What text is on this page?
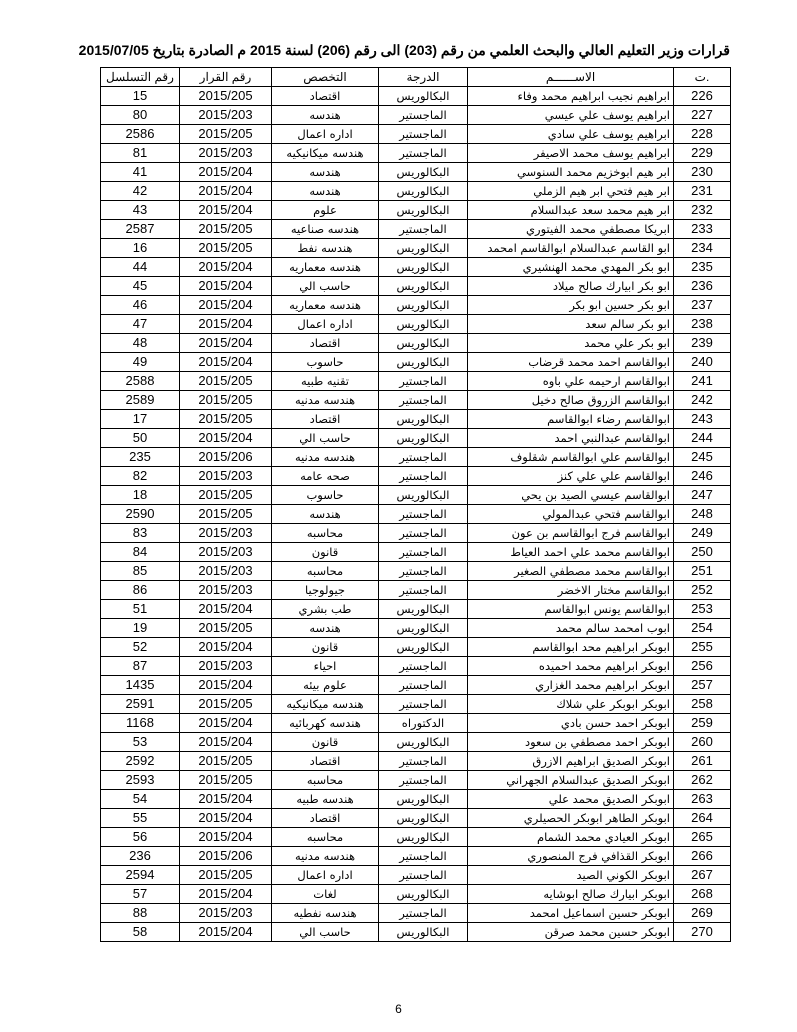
قرارات وزير التعليم العالي والبحث العلمي من رقم (203) الى رقم (206) لسنة 2015 م الصادرة بتاريخ 2015/07/05
رقم التسلسل	رقم القرار	التخصص	الدرجة	الاســــــم	ت.
15	2015/205	اقتصاد	البكالوريس	ابراهيم نجيب ابراهيم محمد وفاء	226
80	2015/203	هندسه	الماجستير	ابراهيم يوسف علي عيسي	227
2586	2015/205	اداره اعمال	الماجستير	ابراهيم يوسف علي سادي	228
81	2015/203	هندسه ميكانيكيه	الماجستير	ابراهيم يوسف محمد الاصيفر	229
41	2015/204	هندسه	البكالوريس	ابر هيم ابوخزيم محمد السنوسي	230
42	2015/204	هندسه	البكالوريس	ابر هيم فتحي ابر هيم الزملي	231
43	2015/204	علوم	البكالوريس	ابر هيم محمد سعد عبدالسلام	232
2587	2015/205	هندسه صناعيه	الماجستير	ابريكا مصطفي محمد الفيتوري	233
16	2015/205	هندسه نفط	البكالوريس	ابو القاسم عبدالسلام ابوالقاسم امحمد	234
44	2015/204	هندسه معماريه	البكالوريس	ابو بكر المهدي محمد الهنشيري	235
45	2015/204	حاسب الي	البكالوريس	ابو بكر ابيارك صالح ميلاد	236
46	2015/204	هندسه معماريه	البكالوريس	ابو بكر حسين ابو بكر	237
47	2015/204	اداره اعمال	البكالوريس	ابو بكر سالم سعد	238
48	2015/204	اقتصاد	البكالوريس	ابو بكر علي محمد	239
49	2015/204	حاسوب	البكالوريس	ابوالقاسم احمد محمد قرضاب	240
2588	2015/205	تقنيه طبيه	الماجستير	ابوالقاسم ارحيمه علي باوه	241
2589	2015/205	هندسه مدنيه	الماجستير	ابوالقاسم الزروق صالح دخيل	242
17	2015/205	اقتصاد	البكالوريس	ابوالقاسم رضاء ابوالقاسم	243
50	2015/204	حاسب الي	البكالوريس	ابوالقاسم عبدالنبي احمد	244
235	2015/206	هندسه مدنيه	الماجستير	ابوالقاسم علي ابوالقاسم شقلوف	245
82	2015/203	صحه عامه	الماجستير	ابوالقاسم علي علي كنز	246
18	2015/205	حاسوب	البكالوريس	ابوالقاسم عيسي الصيد بن يحي	247
2590	2015/205	هندسه	الماجستير	ابوالقاسم فتحي عبدالمولي	248
83	2015/203	محاسبه	الماجستير	ابوالقاسم فرج ابوالقاسم بن عون	249
84	2015/203	قانون	الماجستير	ابوالقاسم محمد علي احمد العياط	250
85	2015/203	محاسبه	الماجستير	ابوالقاسم محمد مصطفي الصغير	251
86	2015/203	جيولوجيا	الماجستير	ابوالقاسم مختار الاخضر	252
51	2015/204	طب بشري	البكالوريس	ابوالقاسم يونس ابوالقاسم	253
19	2015/205	هندسه	البكالوريس	ابوب امحمد سالم محمد	254
52	2015/204	قانون	البكالوريس	ابوبكر ابراهيم محد ابوالقاسم	255
87	2015/203	احياء	الماجستير	ابوبكر ابراهيم محمد احميده	256
1435	2015/204	علوم بيئه	الماجستير	ابوبكر ابراهيم محمد الغزاري	257
2591	2015/205	هندسه ميكانيكيه	الماجستير	ابوبكر ابوبكر علي شلاك	258
1168	2015/204	هندسه كهربائيه	الدكتوراه	ابوبكر احمد حسن بادي	259
53	2015/204	قانون	البكالوريس	ابوبكر احمد مصطفي بن سعود	260
2592	2015/205	اقتصاد	الماجستير	ابوبكر الصديق ابراهيم الازرق	261
2593	2015/205	محاسبه	الماجستير	ابوبكر الصديق عبدالسلام الجهراني	262
54	2015/204	هندسه طبيه	البكالوريس	ابوبكر الصديق محمد علي	263
55	2015/204	اقتصاد	البكالوريس	ابوبكر الطاهر ابوبكر الحصيلري	264
56	2015/204	محاسبه	البكالوريس	ابوبكر العيادي محمد الشمام	265
236	2015/206	هندسه مدنيه	الماجستير	ابوبكر القذافي فرج المنصوري	266
2594	2015/205	اداره اعمال	الماجستير	ابوبكر الكوني الصيد	267
57	2015/204	لغات	البكالوريس	ابوبكر ابيارك صالح ابوشايه	268
88	2015/203	هندسه نفطيه	الماجستير	ابوبكر حسين اسماعيل امحمد	269
58	2015/204	حاسب الي	البكالوريس	ابوبكر حسين محمد صرقن	270
6
